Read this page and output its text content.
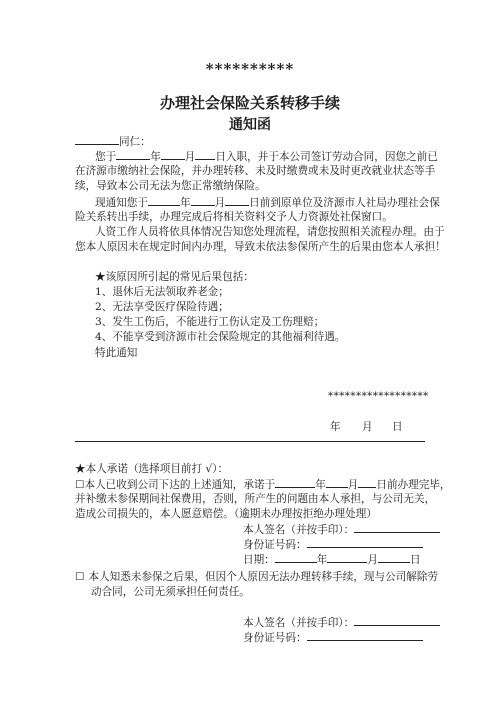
**********
办理社会保险关系转移手续
通知函
同仁：
您于	年 月 日入职，并于本公司签订劳动合同，因您之前已
在济源市缴纳社会保险，并办理转移、未及时缴费或未及时更改就业状态等手
续，导致本公司无法为您正常缴纳保险。
现通知您于	年 月 日前到原单位及济源市人社局办理社会保
险关系转出手续，办理完成后将相关资料交予人力资源处社保窗口。
人资工作人员将依具体情况告知您处理流程，请您按照相关流程办理。由于
您本人原因未在规定时间内办理，导致未依法参保所产生的后果由您本人承担！
★该原因所引起的常见后果包括：
1、退休后无法领取养老金；
2、无法享受医疗保险待遇；
3、发生工伤后，不能进行工伤认定及工伤理赔；
4、不能享受到济源市社会保险规定的其他福利待遇。
特此通知
******************
年 月 日
★本人承诺（选择项目前打 √）：
☐本人已收到公司下达的上述通知，承诺于	年 月 日前办理完毕，
并补缴未参保期间社保费用，否则，所产生的问题由本人承担，与公司无关，
造成公司损失的，本人愿意赔偿。（逾期未办理按拒绝办理处理）
本人签名（并按手印）：
身份证号码：
日期：	年	月	日
☐ 本人知悉未参保之后果，但因个人原因无法办理转移手续，现与公司解除劳
动合同，公司无须承担任何责任。
本人签名（并按手印）：
身份证号码：
